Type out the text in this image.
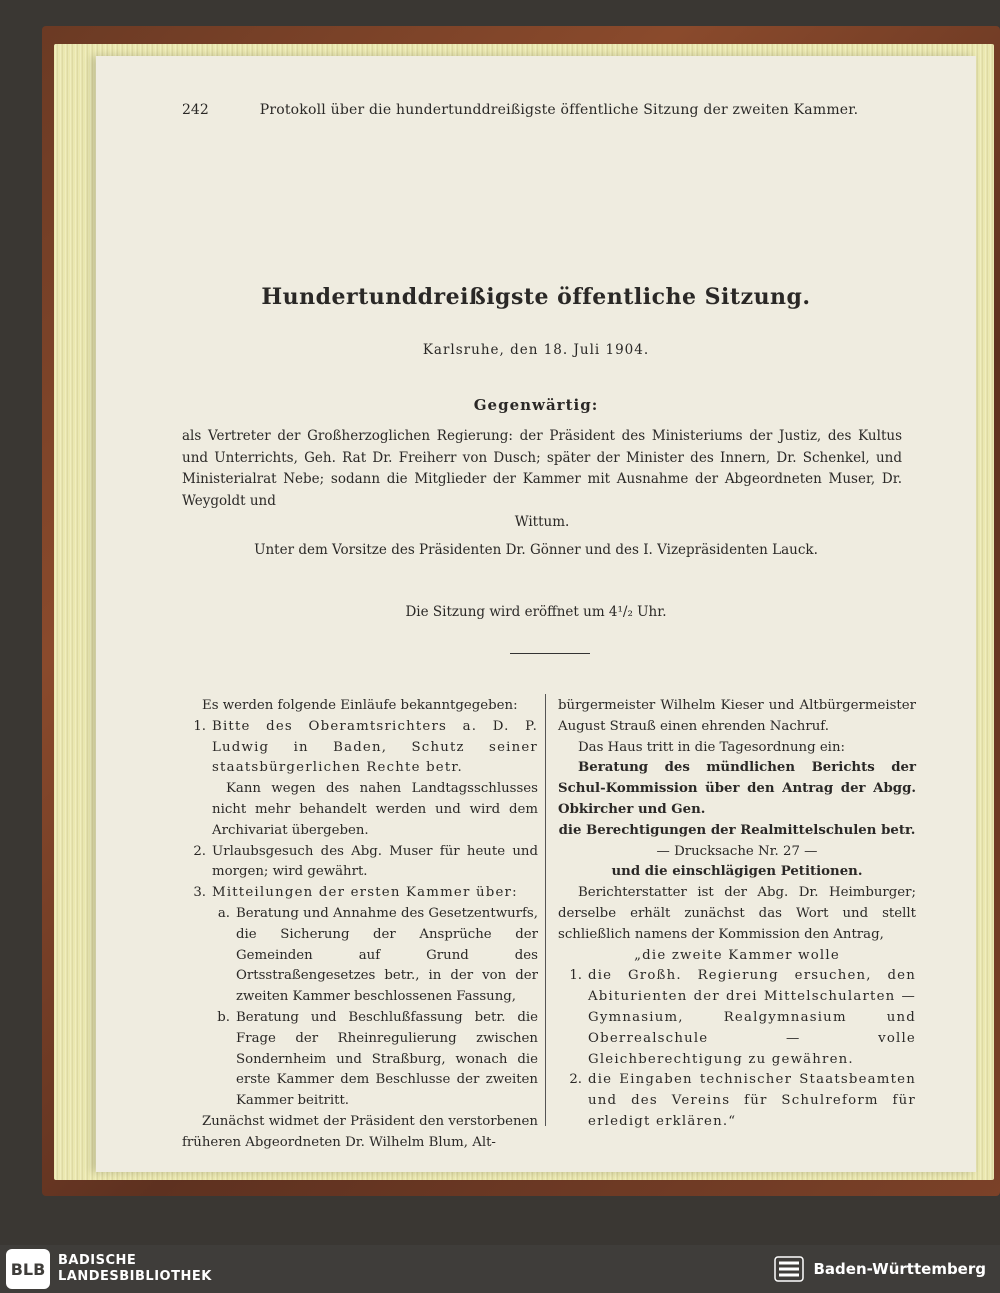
242	Protokoll über die hundertunddreißigste öffentliche Sitzung der zweiten Kammer.
Hundertunddreißigste öffentliche Sitzung.
Karlsruhe, den 18. Juli 1904.
Gegenwärtig:
als Vertreter der Großherzoglichen Regierung: der Präsident des Ministeriums der Justiz, des Kultus und Unterrichts, Geh. Rat Dr. Freiherr von Dusch; später der Minister des Innern, Dr. Schenkel, und Ministerialrat Nebe; sodann die Mitglieder der Kammer mit Ausnahme der Abgeordneten Muser, Dr. Weygoldt und
Wittum.
Unter dem Vorsitze des Präsidenten Dr. Gönner und des I. Vizepräsidenten Lauck.
Die Sitzung wird eröffnet um 4¹/₂ Uhr.

Es werden folgende Einläufe bekanntgegeben:

1. Bitte des Oberamtsrichters a. D. P. Ludwig in Baden, Schutz seiner staatsbürgerlichen Rechte betr.

Kann wegen des nahen Landtagsschlusses nicht mehr behandelt werden und wird dem Archivariat übergeben.

2. Urlaubsgesuch des Abg. Muser für heute und morgen; wird gewährt.
3. Mitteilungen der ersten Kammer über:
a. Beratung und Annahme des Gesetzentwurfs, die Sicherung der Ansprüche der Gemeinden auf Grund des Ortsstraßengesetzes betr., in der von der zweiten Kammer beschlossenen Fassung,
b. Beratung und Beschlußfassung betr. die Frage der Rheinregulierung zwischen Sondernheim und Straßburg, wonach die erste Kammer dem Beschlusse der zweiten Kammer beitritt.

Zunächst widmet der Präsident den verstorbenen früheren Abgeordneten Dr. Wilhelm Blum, Alt-

bürgermeister Wilhelm Kieser und Altbürgermeister August Strauß einen ehrenden Nachruf.

Das Haus tritt in die Tagesordnung ein:

Beratung des mündlichen Berichts der Schul-Kommission über den Antrag der Abgg. Obkircher und Gen.

die Berechtigungen der Realmittelschulen betr.

— Drucksache Nr. 27 —

und die einschlägigen Petitionen.

Berichterstatter ist der Abg. Dr. Heimburger; derselbe erhält zunächst das Wort und stellt schließlich namens der Kommission den Antrag,

„die zweite Kammer wolle

1. die Großh. Regierung ersuchen, den Abiturienten der drei Mittelschularten — Gymnasium, Realgymnasium und Oberrealschule — volle Gleichberechtigung zu gewähren.
2. die Eingaben technischer Staatsbeamten und des Vereins für Schulreform für erledigt erklären.“
BLB BADISCHE
LANDESBIBLIOTHEK	Baden-Württemberg
